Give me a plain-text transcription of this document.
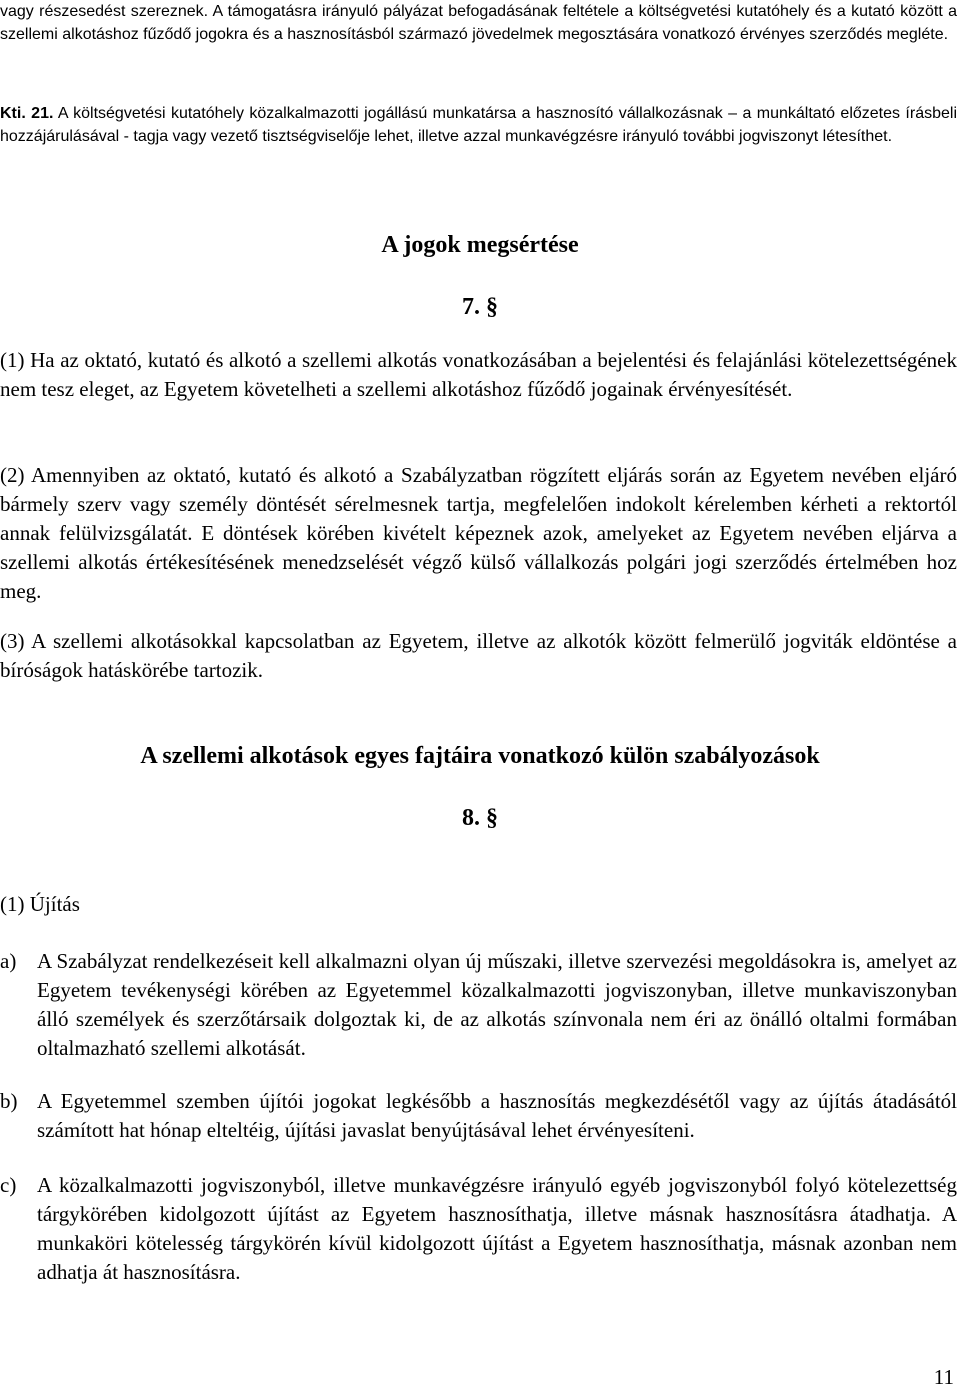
vagy részesedést szereznek. A támogatásra irányuló pályázat befogadásának feltétele a költségvetési kutatóhely és a kutató között a szellemi alkotáshoz fűződő jogokra és a hasznosításból származó jövedelmek megosztására vonatkozó érvényes szerződés megléte.

Kti. 21. A költségvetési kutatóhely közalkalmazotti jogállású munkatársa a hasznosító vállalkozásnak – a munkáltató előzetes írásbeli hozzájárulásával - tagja vagy vezető tisztségviselője lehet, illetve azzal munkavégzésre irányuló további jogviszonyt létesíthet.

A jogok megsértése
7. §

(1) Ha az oktató, kutató és alkotó a szellemi alkotás vonatkozásában a bejelentési és felajánlási kötelezettségének nem tesz eleget, az Egyetem követelheti a szellemi alkotáshoz fűződő jogainak érvényesítését.

(2) Amennyiben az oktató, kutató és alkotó a Szabályzatban rögzített eljárás során az Egyetem nevében eljáró bármely szerv vagy személy döntését sérelmesnek tartja, megfelelően indokolt kérelemben kérheti a rektortól annak felülvizsgálatát. E döntések körében kivételt képeznek azok, amelyeket az Egyetem nevében eljárva a szellemi alkotás értékesítésének menedzselését végző külső vállalkozás polgári jogi szerződés értelmében hoz meg.

(3) A szellemi alkotásokkal kapcsolatban az Egyetem, illetve az alkotók között felmerülő jogviták eldöntése a bíróságok hatáskörébe tartozik.

A szellemi alkotások egyes fajtáira vonatkozó külön szabályozások
8. §

(1) Újítás

a) A Szabályzat rendelkezéseit kell alkalmazni olyan új műszaki, illetve szervezési megoldásokra is, amelyet az Egyetem tevékenységi körében az Egyetemmel közalkalmazotti jogviszonyban, illetve munkaviszonyban álló személyek és szerzőtársaik dolgoztak ki, de az alkotás színvonala nem éri az önálló oltalmi formában oltalmazható szellemi alkotását.
b) A Egyetemmel szemben újítói jogokat legkésőbb a hasznosítás megkezdésétől vagy az újítás átadásától számított hat hónap elteltéig, újítási javaslat benyújtásával lehet érvényesíteni.
c) A közalkalmazotti jogviszonyból, illetve munkavégzésre irányuló egyéb jogviszonyból folyó kötelezettség tárgykörében kidolgozott újítást az Egyetem hasznosíthatja, illetve másnak hasznosításra átadhatja. A munkaköri kötelesség tárgykörén kívül kidolgozott újítást a Egyetem hasznosíthatja, másnak azonban nem adhatja át hasznosításra.
11
